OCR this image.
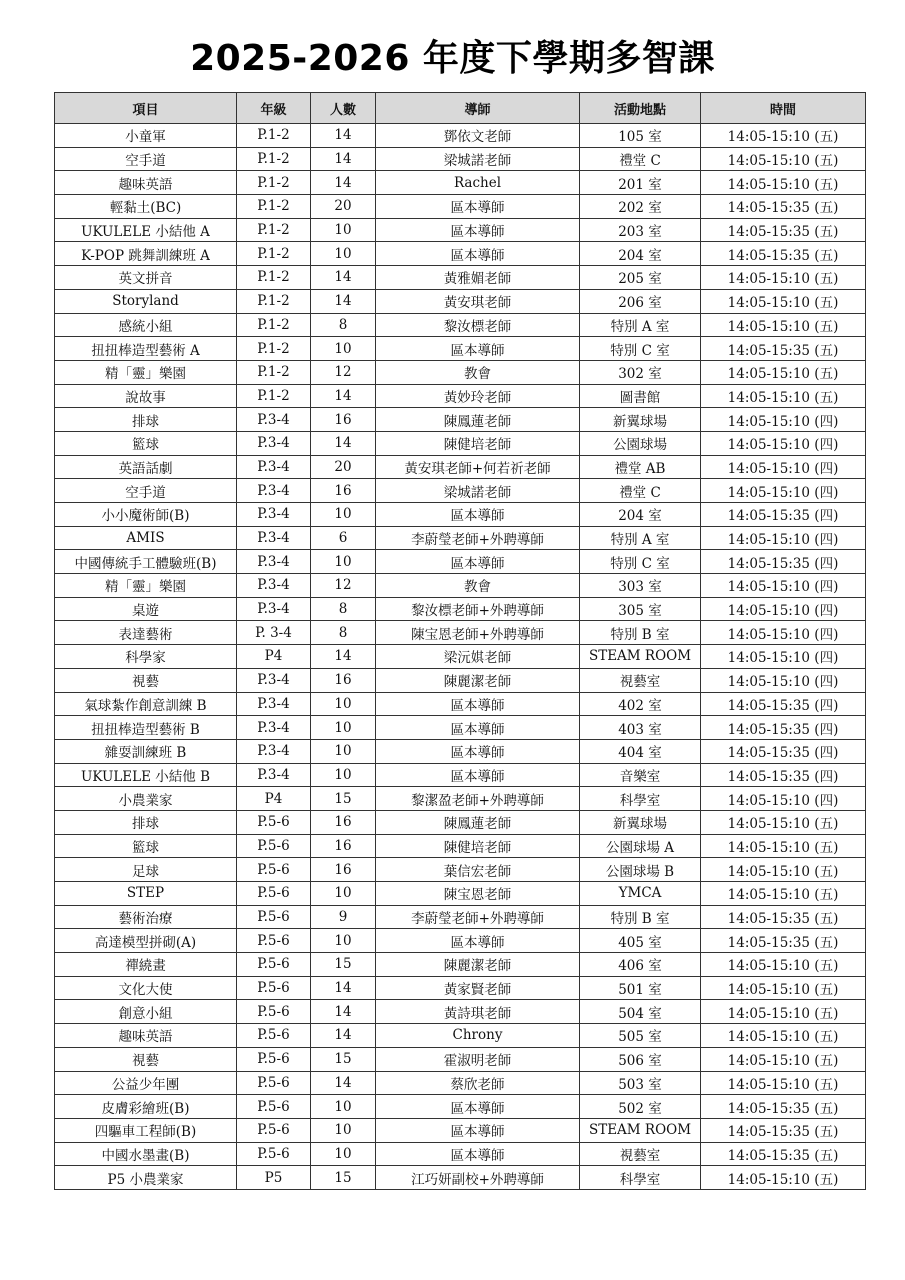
2025-2026 年度下學期多智課
項目	年級	人數	導師	活動地點	時間
小童軍	P.1-2	14	鄧依文老師	105 室	14:05-15:10 (五)
空手道	P.1-2	14	梁城諾老師	禮堂 C	14:05-15:10 (五)
趣味英語	P.1-2	14	Rachel	201 室	14:05-15:10 (五)
輕黏土(BC)	P.1-2	20	區本導師	202 室	14:05-15:35 (五)
UKULELE 小結他 A	P.1-2	10	區本導師	203 室	14:05-15:35 (五)
K-POP 跳舞訓練班 A	P.1-2	10	區本導師	204 室	14:05-15:35 (五)
英文拼音	P.1-2	14	黃雅媚老師	205 室	14:05-15:10 (五)
Storyland	P.1-2	14	黃安琪老師	206 室	14:05-15:10 (五)
感統小組	P.1-2	8	黎汝標老師	特別 A 室	14:05-15:10 (五)
扭扭棒造型藝術 A	P.1-2	10	區本導師	特別 C 室	14:05-15:35 (五)
精「靈」樂園	P.1-2	12	教會	302 室	14:05-15:10 (五)
說故事	P.1-2	14	黃妙玲老師	圖書館	14:05-15:10 (五)
排球	P.3-4	16	陳鳳蓮老師	新翼球場	14:05-15:10 (四)
籃球	P.3-4	14	陳健培老師	公園球場	14:05-15:10 (四)
英語話劇	P.3-4	20	黃安琪老師+何若祈老師	禮堂 AB	14:05-15:10 (四)
空手道	P.3-4	16	梁城諾老師	禮堂 C	14:05-15:10 (四)
小小魔術師(B)	P.3-4	10	區本導師	204 室	14:05-15:35 (四)
AMIS	P.3-4	6	李蔚瑩老師+外聘導師	特別 A 室	14:05-15:10 (四)
中國傳統手工體驗班(B)	P.3-4	10	區本導師	特別 C 室	14:05-15:35 (四)
精「靈」樂園	P.3-4	12	教會	303 室	14:05-15:10 (四)
桌遊	P.3-4	8	黎汝標老師+外聘導師	305 室	14:05-15:10 (四)
表達藝術	P. 3-4	8	陳宝恩老師+外聘導師	特別 B 室	14:05-15:10 (四)
科學家	P4	14	梁沅娸老師	STEAM ROOM	14:05-15:10 (四)
視藝	P.3-4	16	陳麗潔老師	視藝室	14:05-15:10 (四)
氣球紮作創意訓練 B	P.3-4	10	區本導師	402 室	14:05-15:35 (四)
扭扭棒造型藝術 B	P.3-4	10	區本導師	403 室	14:05-15:35 (四)
雜耍訓練班 B	P.3-4	10	區本導師	404 室	14:05-15:35 (四)
UKULELE 小結他 B	P.3-4	10	區本導師	音樂室	14:05-15:35 (四)
小農業家	P4	15	黎潔盈老師+外聘導師	科學室	14:05-15:10 (四)
排球	P.5-6	16	陳鳳蓮老師	新翼球場	14:05-15:10 (五)
籃球	P.5-6	16	陳健培老師	公園球場 A	14:05-15:10 (五)
足球	P.5-6	16	葉信宏老師	公園球場 B	14:05-15:10 (五)
STEP	P.5-6	10	陳宝恩老師	YMCA	14:05-15:10 (五)
藝術治療	P.5-6	9	李蔚瑩老師+外聘導師	特別 B 室	14:05-15:35 (五)
高達模型拼砌(A)	P.5-6	10	區本導師	405 室	14:05-15:35 (五)
禪繞畫	P.5-6	15	陳麗潔老師	406 室	14:05-15:10 (五)
文化大使	P.5-6	14	黃家賢老師	501 室	14:05-15:10 (五)
創意小組	P.5-6	14	黃詩琪老師	504 室	14:05-15:10 (五)
趣味英語	P.5-6	14	Chrony	505 室	14:05-15:10 (五)
視藝	P.5-6	15	霍淑明老師	506 室	14:05-15:10 (五)
公益少年團	P.5-6	14	蔡欣老師	503 室	14:05-15:10 (五)
皮膚彩繪班(B)	P.5-6	10	區本導師	502 室	14:05-15:35 (五)
四驅車工程師(B)	P.5-6	10	區本導師	STEAM ROOM	14:05-15:35 (五)
中國水墨畫(B)	P.5-6	10	區本導師	視藝室	14:05-15:35 (五)
P5 小農業家	P5	15	江巧妍副校+外聘導師	科學室	14:05-15:10 (五)
